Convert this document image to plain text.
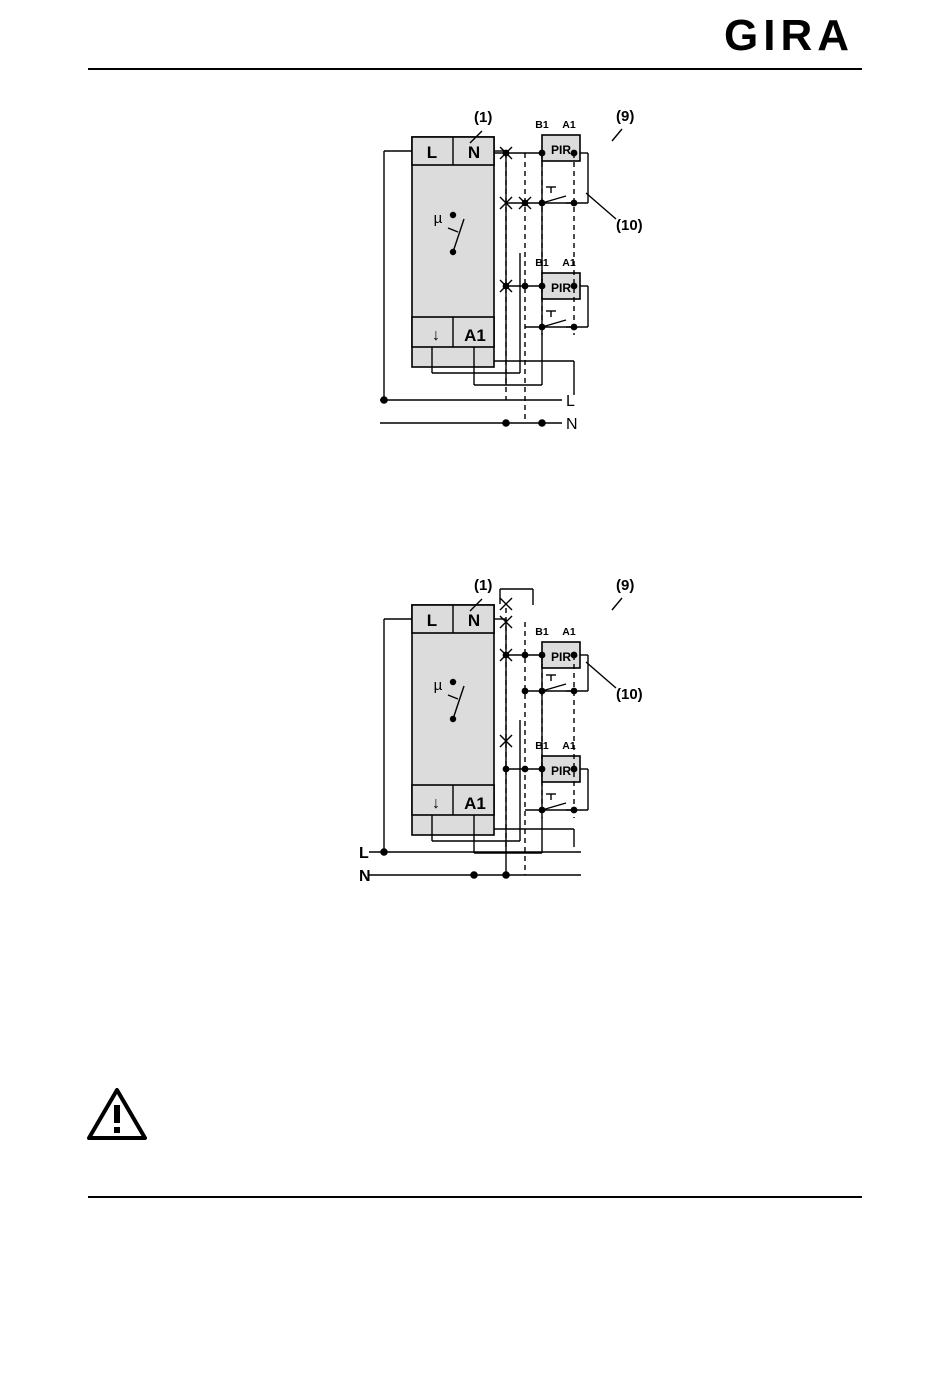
GIRA
L N
↓ A1
µ
PIR
PIR
B1 A1
B1 A1
(1)	(9)
(10)
L
N
L N
↓ A1
µ
PIR
PIR
B1 A1
B1 A1
(1)	(9)
(10)
L
N
